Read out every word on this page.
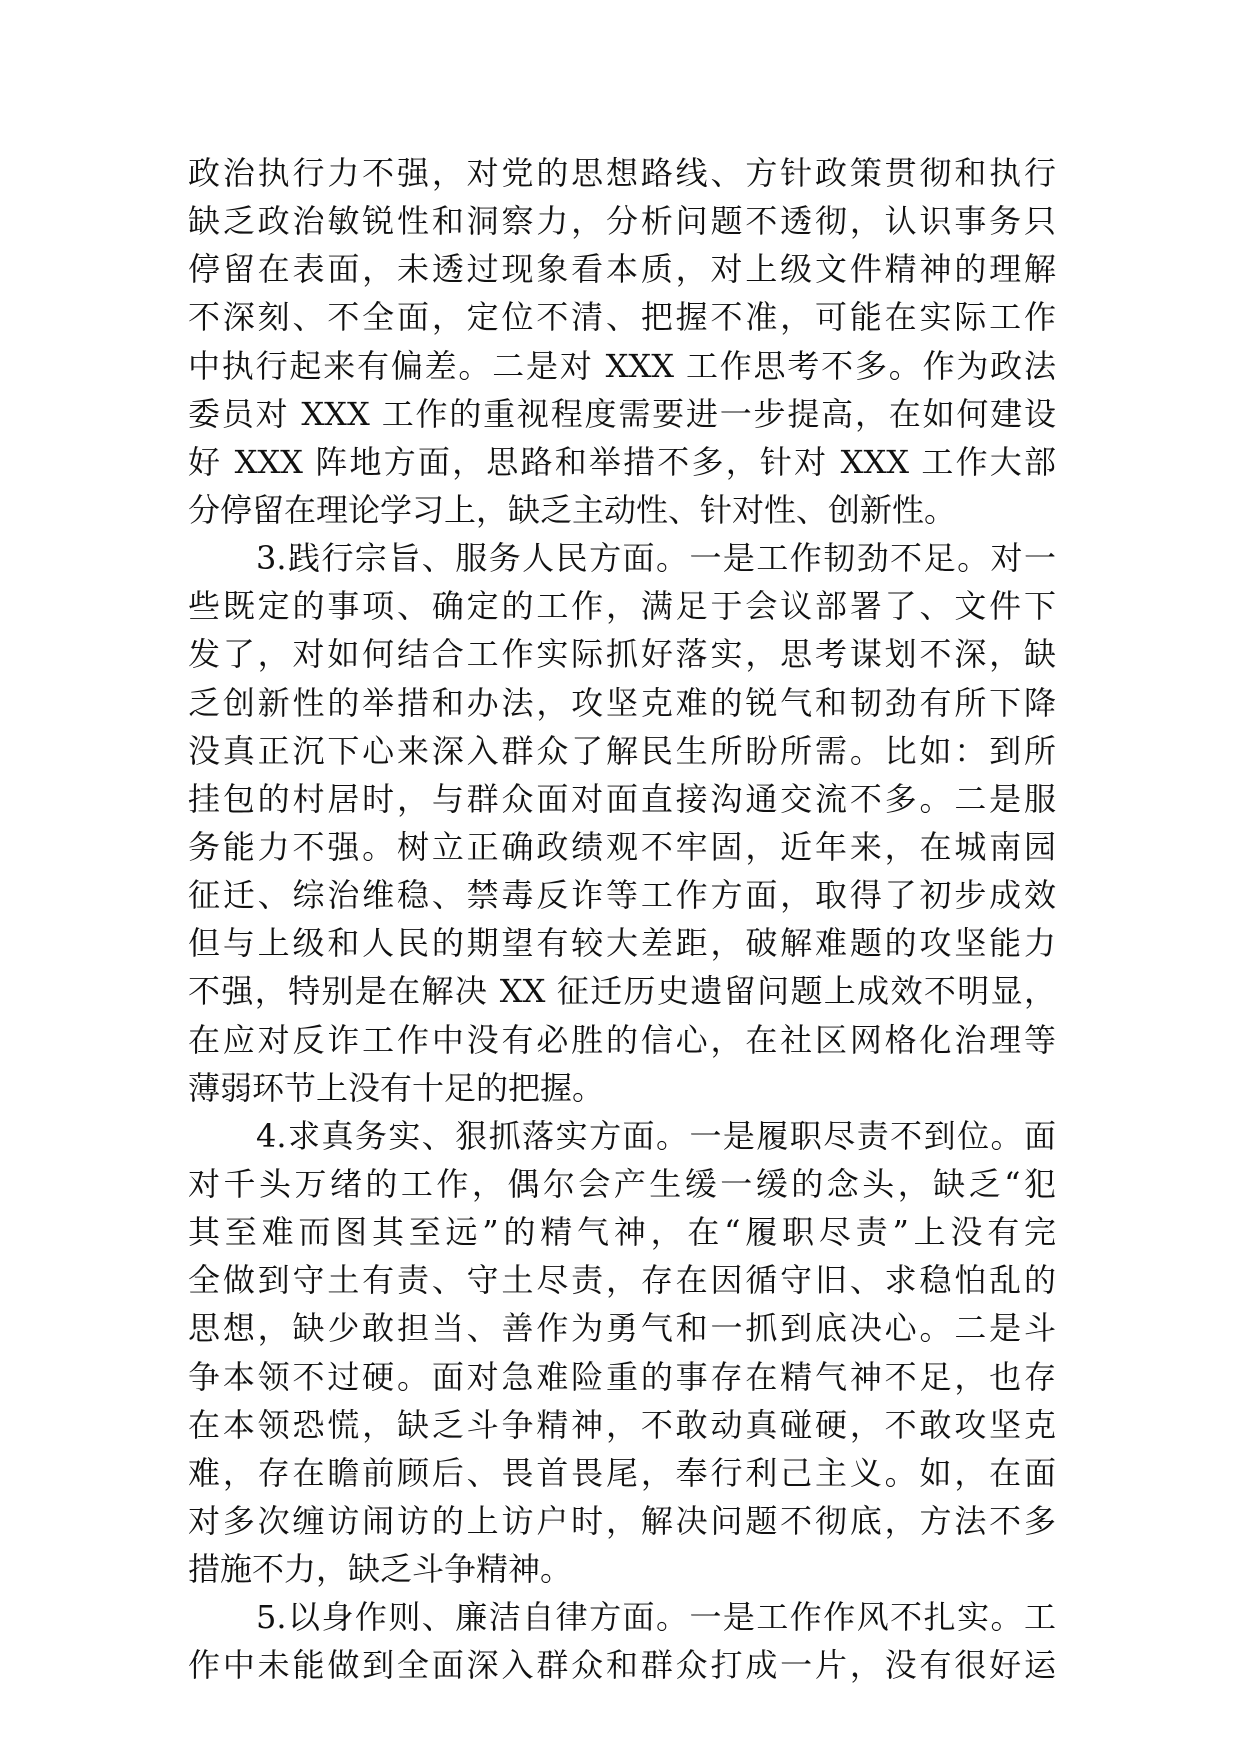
政治执行力不强，对党的思想路线、方针政策贯彻和执行
缺乏政治敏锐性和洞察力，分析问题不透彻，认识事务只
停留在表面，未透过现象看本质，对上级文件精神的理解
不深刻、不全面，定位不清、把握不准，可能在实际工作
中执行起来有偏差。二是对 XXX 工作思考不多。作为政法
委员对 XXX 工作的重视程度需要进一步提高，在如何建设
好 XXX 阵地方面，思路和举措不多，针对 XXX 工作大部
分停留在理论学习上，缺乏主动性、针对性、创新性。
3.践行宗旨、服务人民方面。一是工作韧劲不足。对一
些既定的事项、确定的工作，满足于会议部署了、文件下
发了，对如何结合工作实际抓好落实，思考谋划不深，缺
乏创新性的举措和办法，攻坚克难的锐气和韧劲有所下降
没真正沉下心来深入群众了解民生所盼所需。比如：到所
挂包的村居时，与群众面对面直接沟通交流不多。二是服
务能力不强。树立正确政绩观不牢固，近年来，在城南园
征迁、综治维稳、禁毒反诈等工作方面，取得了初步成效
但与上级和人民的期望有较大差距，破解难题的攻坚能力
不强，特别是在解决 XX 征迁历史遗留问题上成效不明显，
在应对反诈工作中没有必胜的信心，在社区网格化治理等
薄弱环节上没有十足的把握。
4.求真务实、狠抓落实方面。一是履职尽责不到位。面
对千头万绪的工作，偶尔会产生缓一缓的念头，缺乏“犯
其至难而图其至远”的精气神，在“履职尽责”上没有完
全做到守土有责、守土尽责，存在因循守旧、求稳怕乱的
思想，缺少敢担当、善作为勇气和一抓到底决心。二是斗
争本领不过硬。面对急难险重的事存在精气神不足，也存
在本领恐慌，缺乏斗争精神，不敢动真碰硬，不敢攻坚克
难，存在瞻前顾后、畏首畏尾，奉行利己主义。如，在面
对多次缠访闹访的上访户时，解决问题不彻底，方法不多
措施不力，缺乏斗争精神。
5.以身作则、廉洁自律方面。一是工作作风不扎实。工
作中未能做到全面深入群众和群众打成一片，没有很好运
